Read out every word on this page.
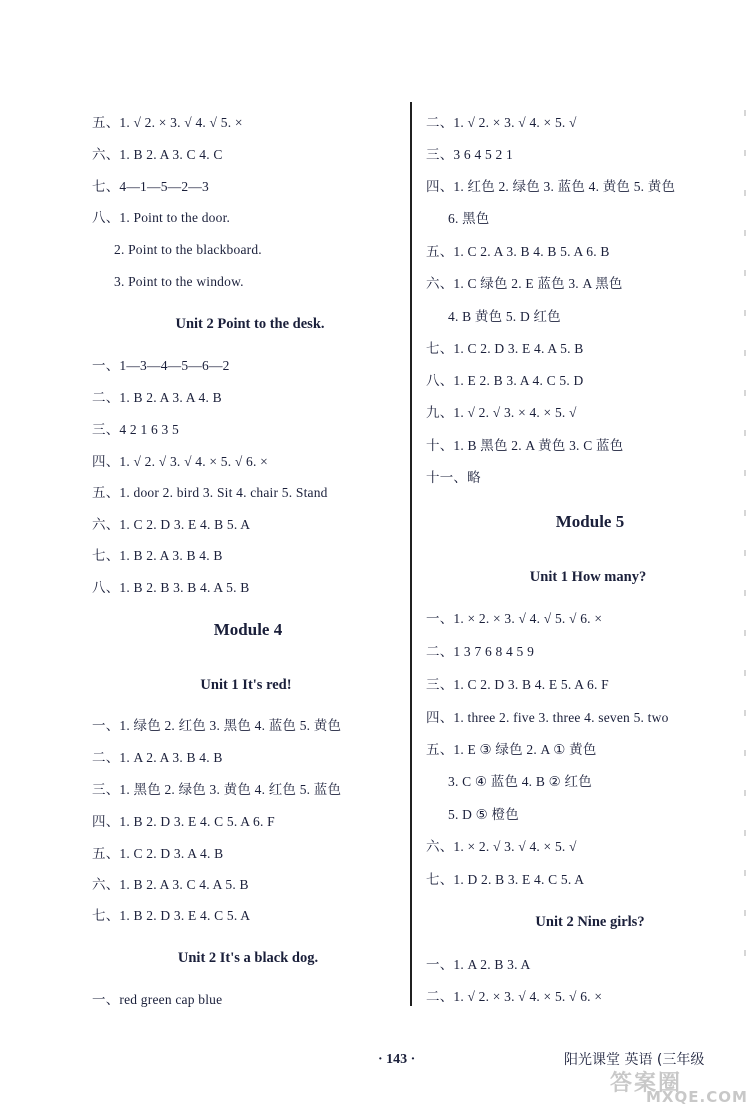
五、1. √ 2. × 3. √ 4. √ 5. ×
六、1. B 2. A 3. C 4. C
七、4—1—5—2—3
八、1. Point to the door.
2. Point to the blackboard.
3. Point to the window.
Unit 2 Point to the desk.
一、1—3—4—5—6—2
二、1. B 2. A 3. A 4. B
三、4 2 1 6 3 5
四、1. √ 2. √ 3. √ 4. × 5. √ 6. ×
五、1. door 2. bird 3. Sit 4. chair 5. Stand
六、1. C 2. D 3. E 4. B 5. A
七、1. B 2. A 3. B 4. B
八、1. B 2. B 3. B 4. A 5. B
Module 4
Unit 1 It's red!
一、1. 绿色 2. 红色 3. 黑色 4. 蓝色 5. 黄色
二、1. A 2. A 3. B 4. B
三、1. 黑色 2. 绿色 3. 黄色 4. 红色 5. 蓝色
四、1. B 2. D 3. E 4. C 5. A 6. F
五、1. C 2. D 3. A 4. B
六、1. B 2. A 3. C 4. A 5. B
七、1. B 2. D 3. E 4. C 5. A
Unit 2 It's a black dog.
一、red green cap blue
二、1. √ 2. × 3. √ 4. × 5. √
三、3 6 4 5 2 1
四、1. 红色 2. 绿色 3. 蓝色 4. 黄色 5. 黄色
6. 黑色
五、1. C 2. A 3. B 4. B 5. A 6. B
六、1. C 绿色 2. E 蓝色 3. A 黑色
4. B 黄色 5. D 红色
七、1. C 2. D 3. E 4. A 5. B
八、1. E 2. B 3. A 4. C 5. D
九、1. √ 2. √ 3. × 4. × 5. √
十、1. B 黑色 2. A 黄色 3. C 蓝色
十一、略
Module 5
Unit 1 How many?
一、1. × 2. × 3. √ 4. √ 5. √ 6. ×
二、1 3 7 6 8 4 5 9
三、1. C 2. D 3. B 4. E 5. A 6. F
四、1. three 2. five 3. three 4. seven 5. two
五、1. E ③ 绿色 2. A ① 黄色
3. C ④ 蓝色 4. B ② 红色
5. D ⑤ 橙色
六、1. × 2. √ 3. √ 4. × 5. √
七、1. D 2. B 3. E 4. C 5. A
Unit 2 Nine girls?
一、1. A 2. B 3. A
二、1. √ 2. × 3. √ 4. × 5. √ 6. ×
· 143 ·	阳光课堂 英语 (三年级
答案圈
MXQE.COM
